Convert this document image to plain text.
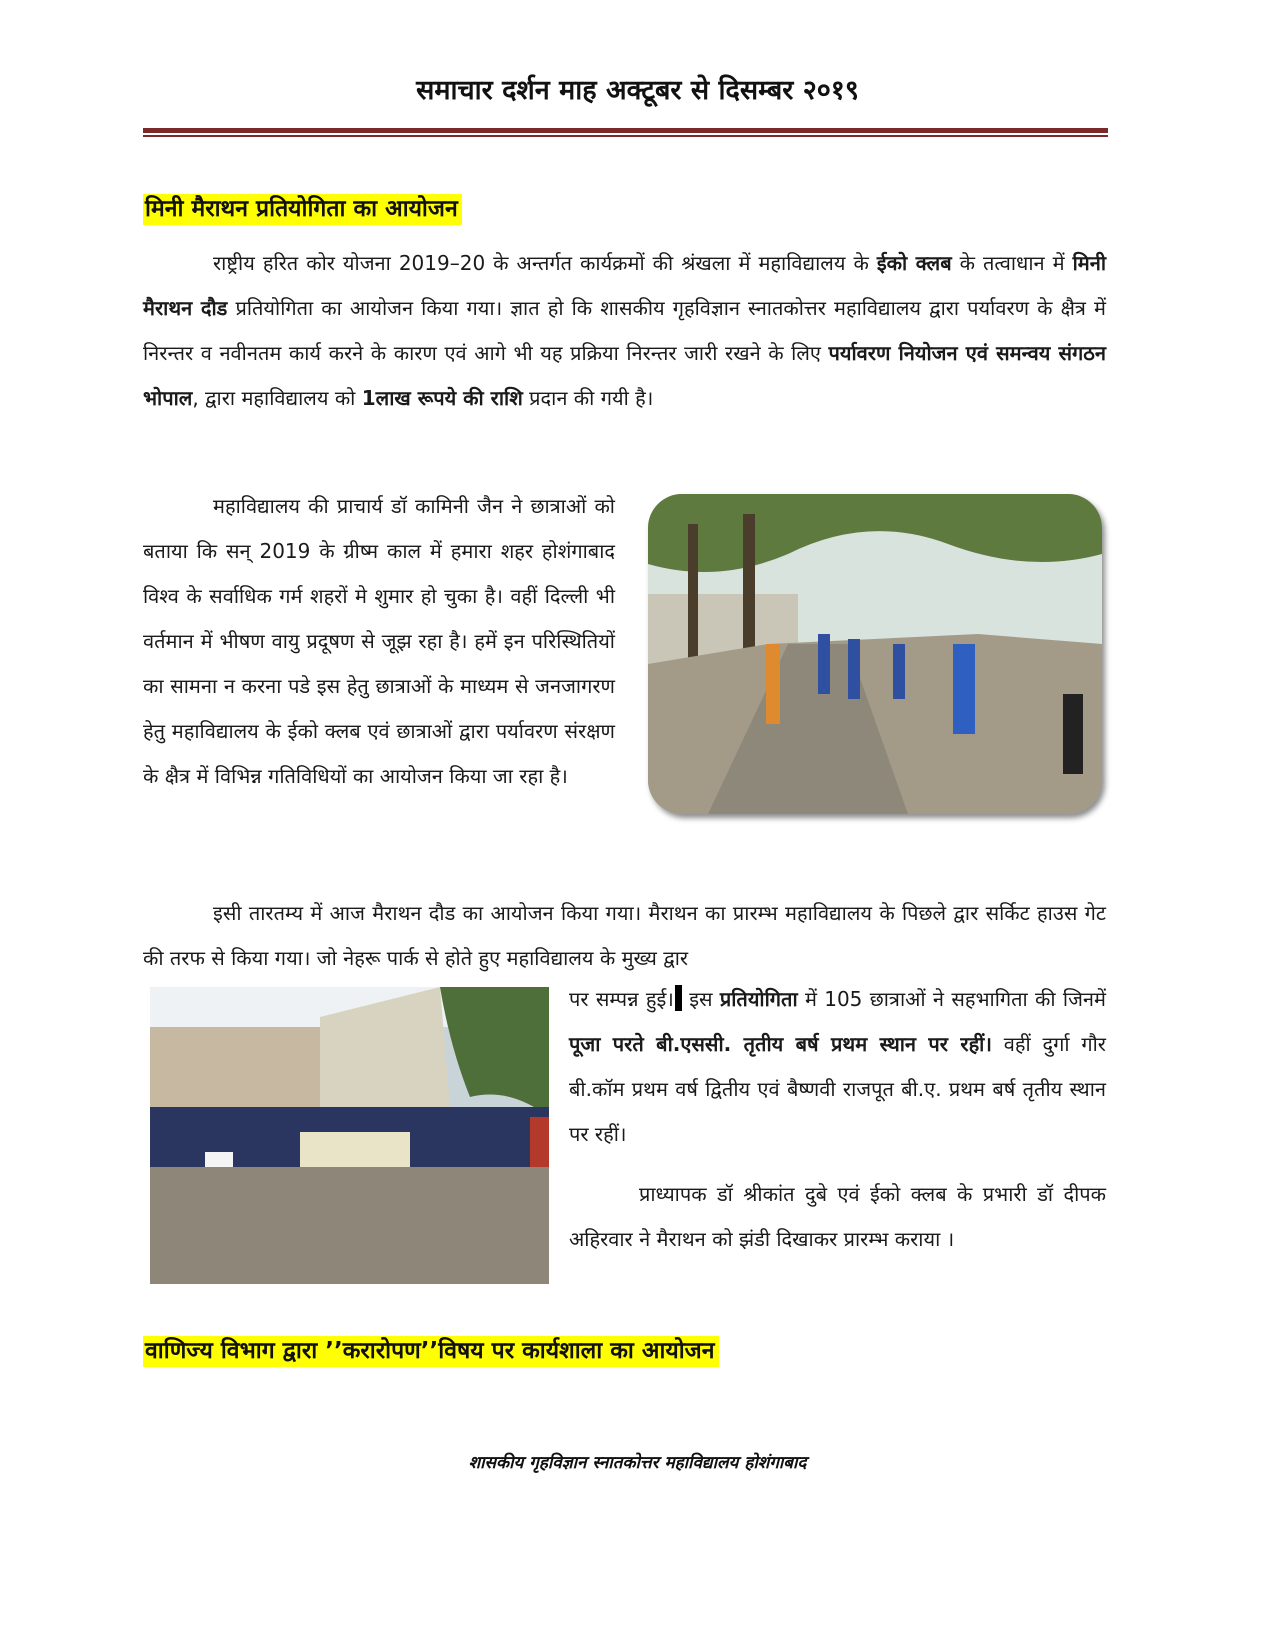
समाचार दर्शन माह अक्टूबर से दिसम्बर २०१९
मिनी मैराथन प्रतियोगिता का आयोजन
राष्ट्रीय हरित कोर योजना 2019–20 के अन्तर्गत कार्यक्रमों की श्रंखला में महाविद्यालय के ईको क्लब के तत्वाधान में मिनी मैराथन दौड प्रतियोगिता का आयोजन किया गया। ज्ञात हो कि शासकीय गृहविज्ञान स्नातकोत्तर महाविद्यालय द्वारा पर्यावरण के क्षैत्र में निरन्तर व नवीनतम कार्य करने के कारण एवं आगे भी यह प्रक्रिया निरन्तर जारी रखने के लिए पर्यावरण नियोजन एवं समन्वय संगठन भोपाल, द्वारा महाविद्यालय को 1लाख रूपये की राशि प्रदान की गयी है।
महाविद्यालय की प्राचार्य डॉ कामिनी जैन ने छात्राओं को बताया कि सन् 2019 के ग्रीष्म काल में हमारा शहर होशंगाबाद विश्व के सर्वाधिक गर्म शहरों मे शुमार हो चुका है। वहीं दिल्ली भी वर्तमान में भीषण वायु प्रदूषण से जूझ रहा है। हमें इन परिस्थितियों का सामना न करना पडे इस हेतु छात्राओं के माध्यम से जनजागरण हेतु महाविद्यालय के ईको क्लब एवं छात्राओं द्वारा पर्यावरण संरक्षण के क्षैत्र में विभिन्न गतिविधियों का आयोजन किया जा रहा है।
इसी तारतम्य में आज मैराथन दौड का आयोजन किया गया। मैराथन का प्रारम्भ महाविद्यालय के पिछले द्वार सर्किट हाउस गेट की तरफ से किया गया। जो नेहरू पार्क से होते हुए महाविद्यालय के मुख्य द्वार
पर सम्पन्न हुई। इस प्रतियोगिता में 105 छात्राओं ने सहभागिता की जिनमें पूजा परते बी.एससी. तृतीय बर्ष प्रथम स्थान पर रहीं। वहीं दुर्गा गौर बी.कॉम प्रथम वर्ष द्वितीय एवं बैष्णवी राजपूत बी.ए. प्रथम बर्ष तृतीय स्थान पर रहीं।
प्राध्यापक डॉ श्रीकांत दुबे एवं ईको क्लब के प्रभारी डॉ दीपक अहिरवार ने मैराथन को झंडी दिखाकर प्रारम्भ कराया ।
वाणिज्य विभाग द्वारा ’’करारोपण’’विषय पर कार्यशाला का आयोजन
शासकीय गृहविज्ञान स्नातकोत्तर महाविद्यालय होशंगाबाद
